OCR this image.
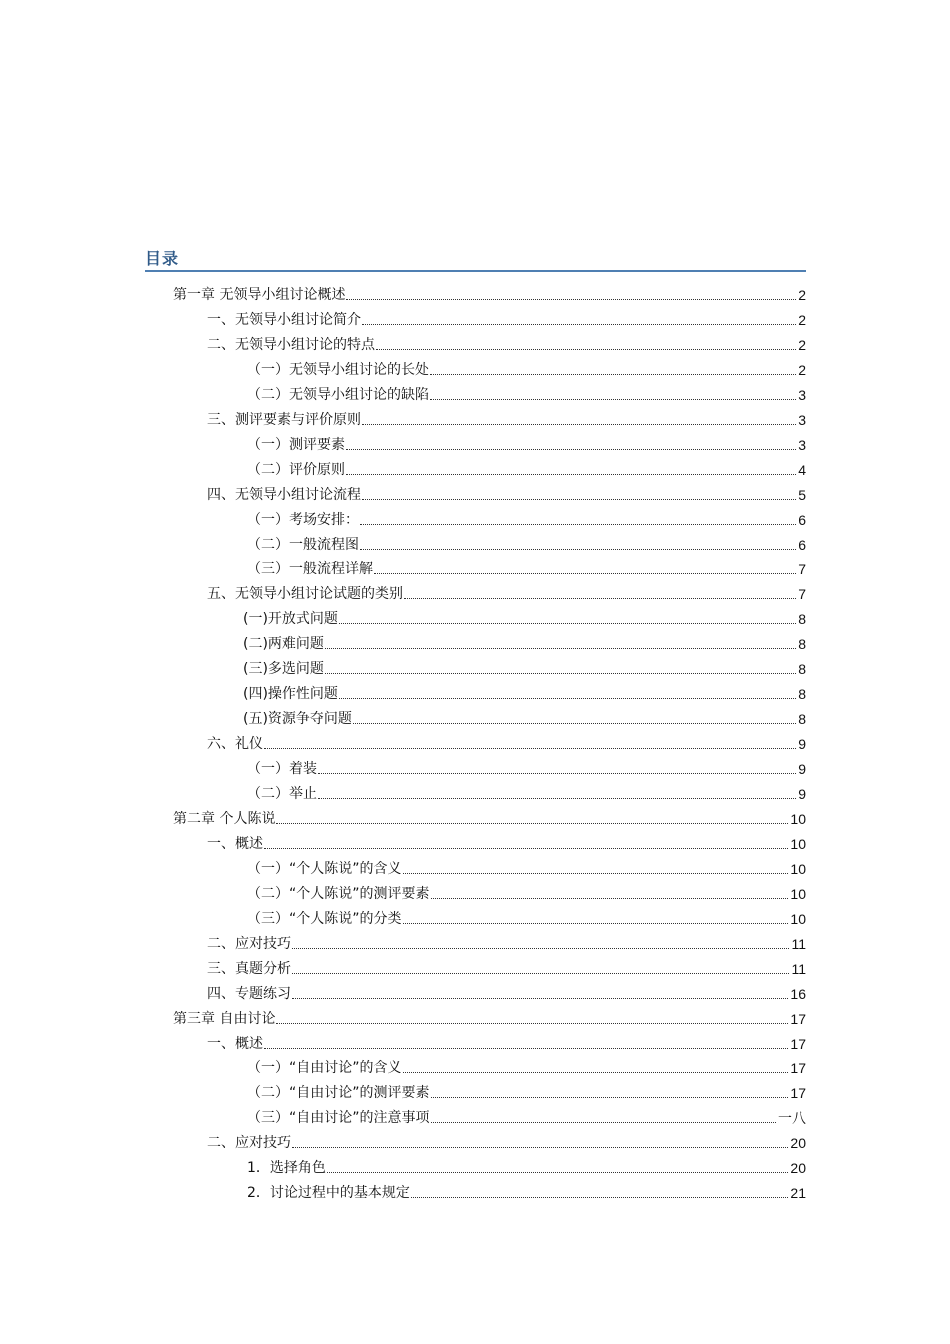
目录
第一章 无领导小组讨论概述	2
一、无领导小组讨论简介	2
二、无领导小组讨论的特点	2
（一）无领导小组讨论的长处	2
（二）无领导小组讨论的缺陷	3
三、测评要素与评价原则	3
（一）测评要素	3
（二）评价原则	4
四、无领导小组讨论流程	5
（一）考场安排：	6
（二）一般流程图	6
（三）一般流程详解	7
五、无领导小组讨论试题的类别	7
(一)开放式问题	8
(二)两难问题	8
(三)多选问题	8
(四)操作性问题	8
(五)资源争夺问题	8
六、礼仪	9
（一）着装	9
（二）举止	9
第二章 个人陈说	10
一、概述	10
（一）“个人陈说”的含义	10
（二）“个人陈说”的测评要素	10
（三）“个人陈说”的分类	10
二、应对技巧	11
三、真题分析	11
四、专题练习	16
第三章 自由讨论	17
一、概述	17
（一）“自由讨论”的含义	17
（二）“自由讨论”的测评要素	17
（三）“自由讨论”的注意事项	一八
二、应对技巧	20
1．选择角色	20
2．讨论过程中的基本规定	21
